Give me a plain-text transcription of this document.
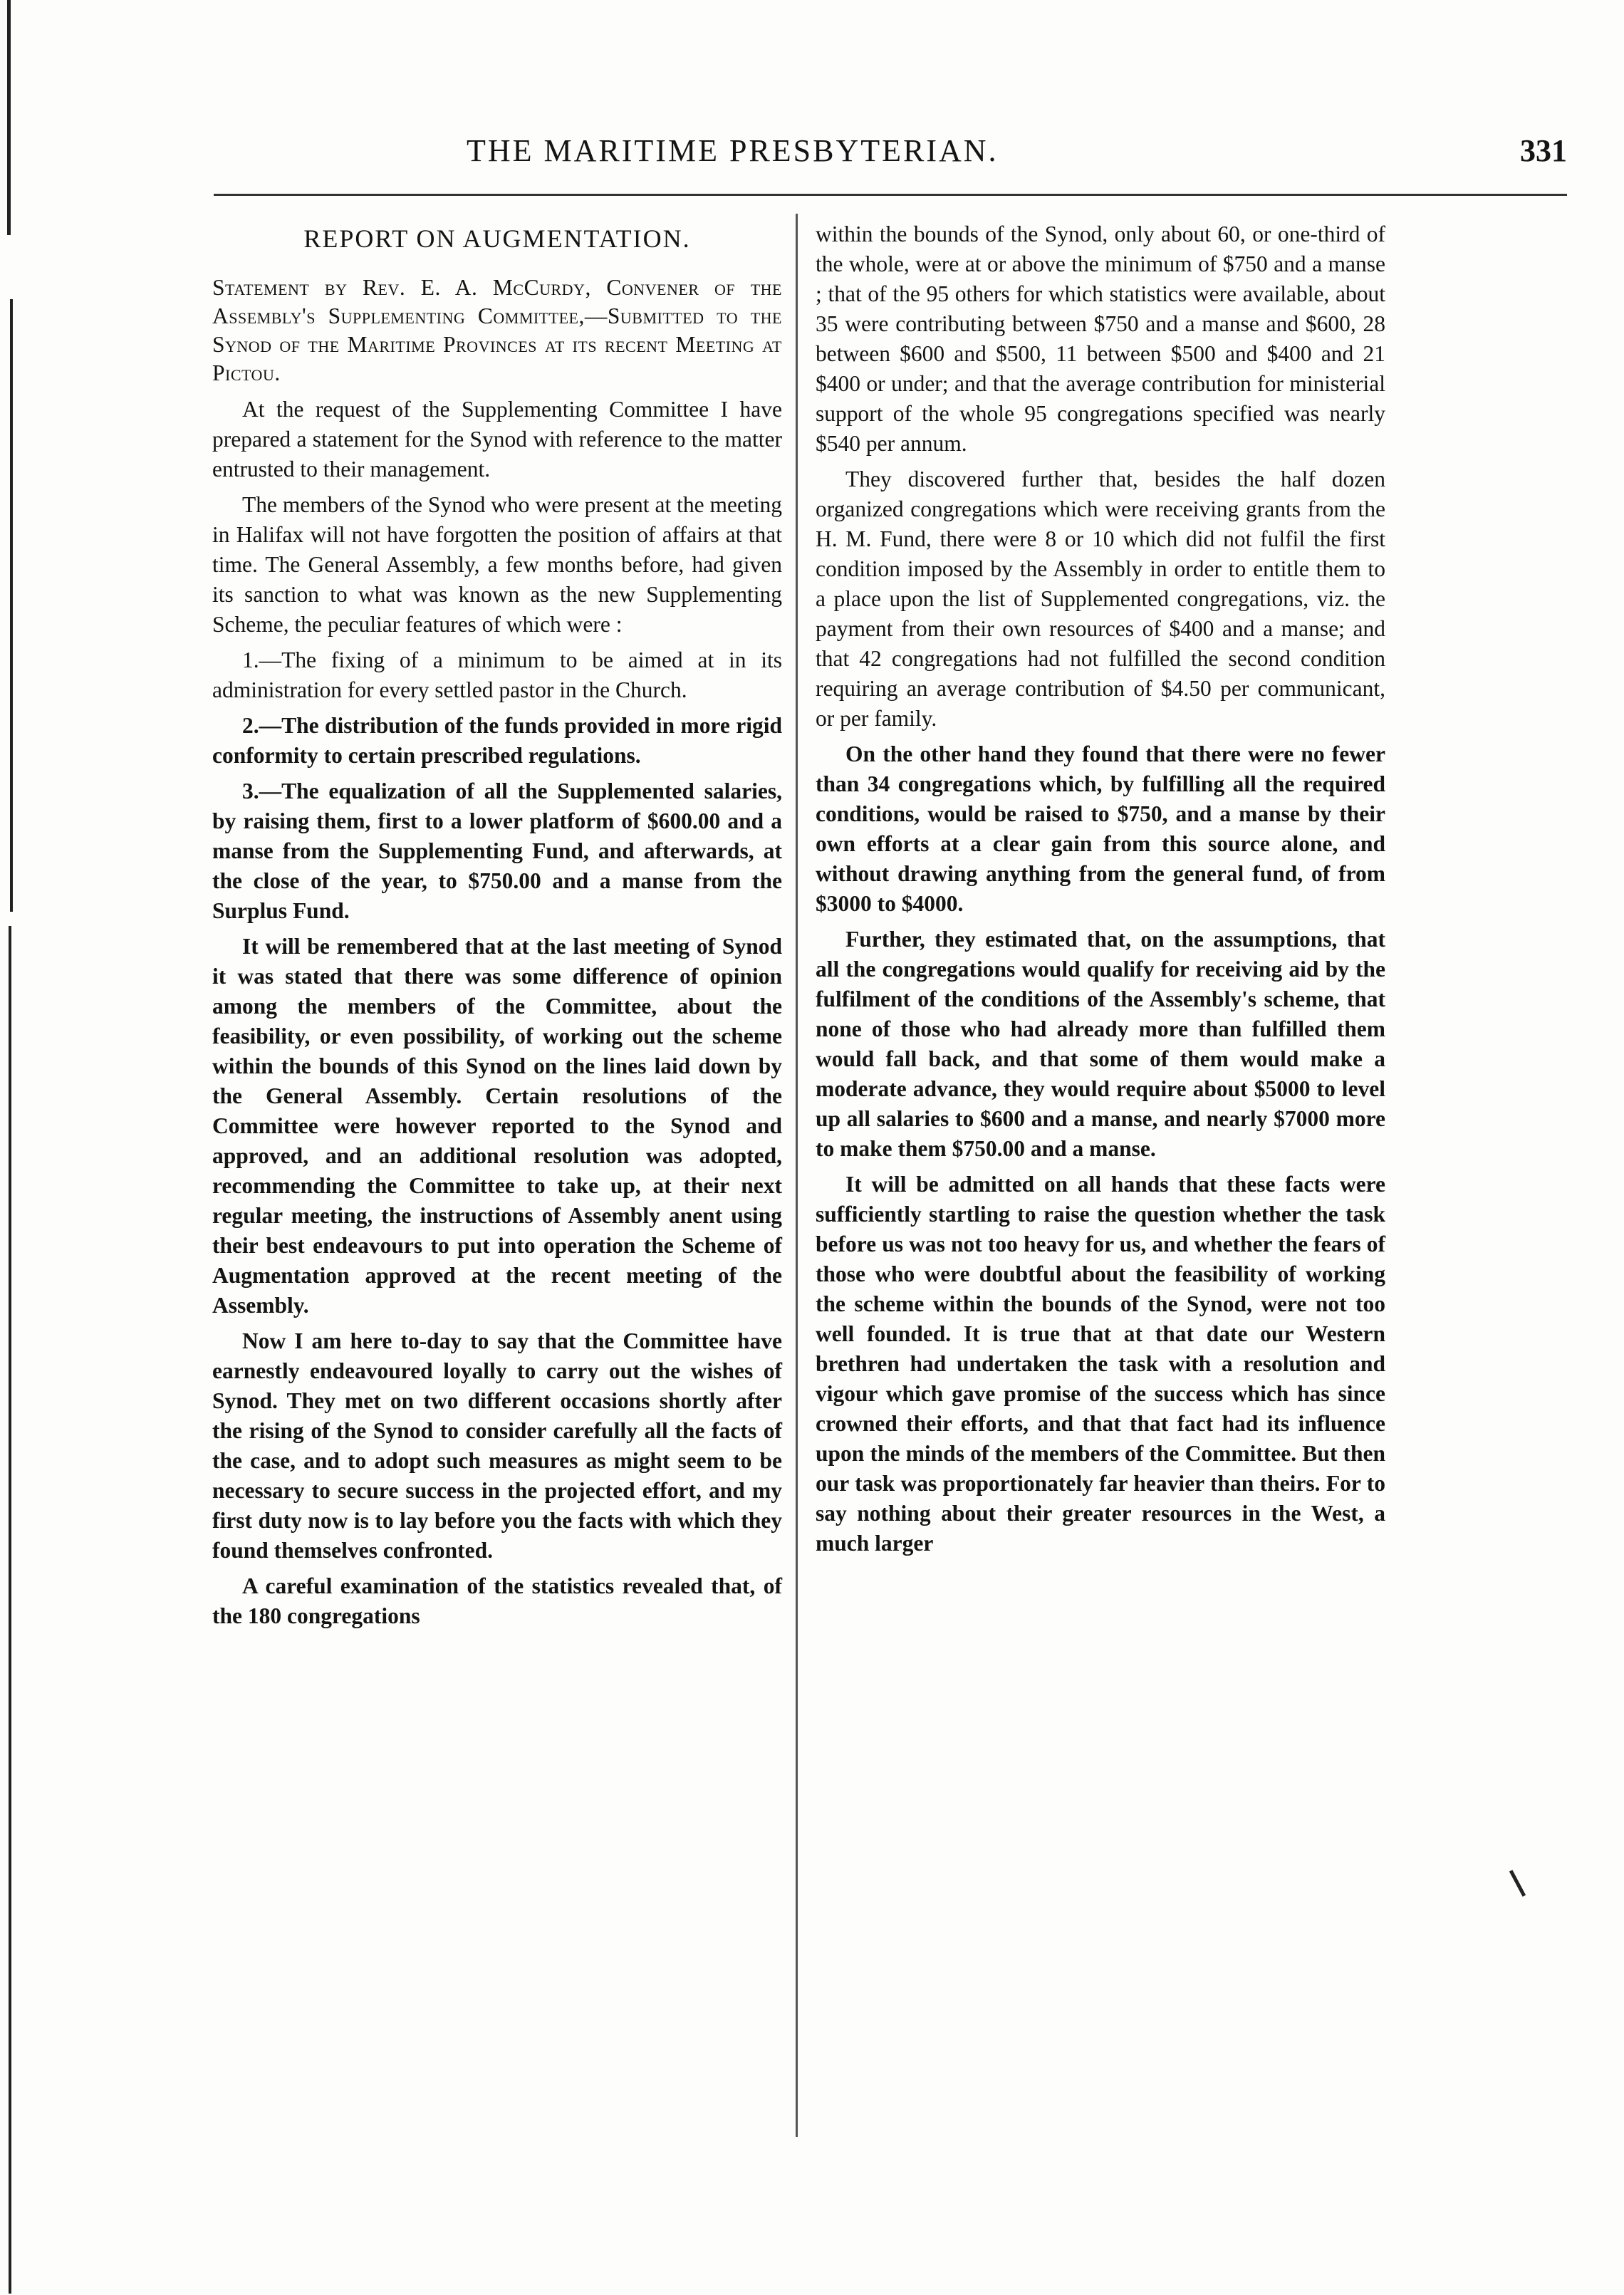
THE MARITIME PRESBYTERIAN.	331
REPORT ON AUGMENTATION.

Statement by Rev. E. A. McCurdy, Convener of the Assembly's Supplementing Committee,—Submitted to the Synod of the Maritime Provinces at its recent Meeting at Pictou.

At the request of the Supplementing Committee I have prepared a statement for the Synod with reference to the matter entrusted to their management.

The members of the Synod who were present at the meeting in Halifax will not have forgotten the position of affairs at that time. The General Assembly, a few months before, had given its sanction to what was known as the new Supplementing Scheme, the peculiar features of which were :

1.—The fixing of a minimum to be aimed at in its administration for every settled pastor in the Church.

2.—The distribution of the funds provided in more rigid conformity to certain prescribed regulations.

3.—The equalization of all the Supplemented salaries, by raising them, first to a lower platform of $600.00 and a manse from the Supplementing Fund, and afterwards, at the close of the year, to $750.00 and a manse from the Surplus Fund.

It will be remembered that at the last meeting of Synod it was stated that there was some difference of opinion among the members of the Committee, about the feasibility, or even possibility, of working out the scheme within the bounds of this Synod on the lines laid down by the General Assembly. Certain resolutions of the Committee were however reported to the Synod and approved, and an additional resolution was adopted, recommending the Committee to take up, at their next regular meeting, the instructions of Assembly anent using their best endeavours to put into operation the Scheme of Augmentation approved at the recent meeting of the Assembly.

Now I am here to-day to say that the Committee have earnestly endeavoured loyally to carry out the wishes of Synod. They met on two different occasions shortly after the rising of the Synod to consider carefully all the facts of the case, and to adopt such measures as might seem to be necessary to secure success in the projected effort, and my first duty now is to lay before you the facts with which they found themselves confronted.

A careful examination of the statistics revealed that, of the 180 congregations

within the bounds of the Synod, only about 60, or one-third of the whole, were at or above the minimum of $750 and a manse ; that of the 95 others for which statistics were available, about 35 were contributing between $750 and a manse and $600, 28 between $600 and $500, 11 between $500 and $400 and 21 $400 or under; and that the average contribution for ministerial support of the whole 95 congregations specified was nearly $540 per annum.

They discovered further that, besides the half dozen organized congregations which were receiving grants from the H. M. Fund, there were 8 or 10 which did not fulfil the first condition imposed by the Assembly in order to entitle them to a place upon the list of Supplemented congregations, viz. the payment from their own resources of $400 and a manse; and that 42 congregations had not fulfilled the second condition requiring an average contribution of $4.50 per communicant, or per family.

On the other hand they found that there were no fewer than 34 congregations which, by fulfilling all the required conditions, would be raised to $750, and a manse by their own efforts at a clear gain from this source alone, and without drawing anything from the general fund, of from $3000 to $4000.

Further, they estimated that, on the assumptions, that all the congregations would qualify for receiving aid by the fulfilment of the conditions of the Assembly's scheme, that none of those who had already more than fulfilled them would fall back, and that some of them would make a moderate advance, they would require about $5000 to level up all salaries to $600 and a manse, and nearly $7000 more to make them $750.00 and a manse.

It will be admitted on all hands that these facts were sufficiently startling to raise the question whether the task before us was not too heavy for us, and whether the fears of those who were doubtful about the feasibility of working the scheme within the bounds of the Synod, were not too well founded. It is true that at that date our Western brethren had undertaken the task with a resolution and vigour which gave promise of the success which has since crowned their efforts, and that that fact had its influence upon the minds of the members of the Committee. But then our task was proportionately far heavier than theirs. For to say nothing about their greater resources in the West, a much larger
